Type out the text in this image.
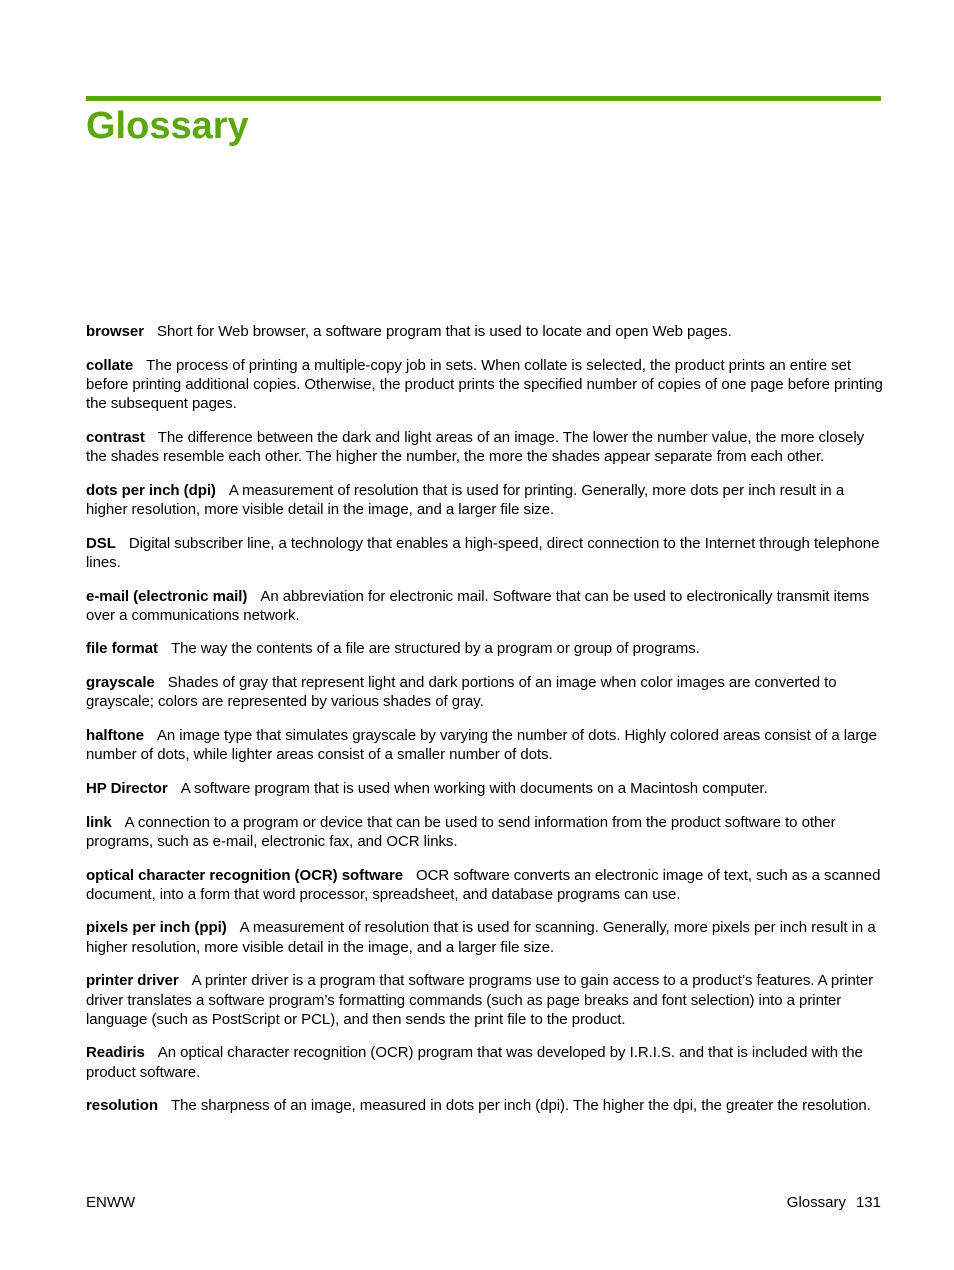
Glossary

browser Short for Web browser, a software program that is used to locate and open Web pages.

collate The process of printing a multiple-copy job in sets. When collate is selected, the product prints an entire set before printing additional copies. Otherwise, the product prints the specified number of copies of one page before printing the subsequent pages.

contrast The difference between the dark and light areas of an image. The lower the number value, the more closely the shades resemble each other. The higher the number, the more the shades appear separate from each other.

dots per inch (dpi) A measurement of resolution that is used for printing. Generally, more dots per inch result in a higher resolution, more visible detail in the image, and a larger file size.

DSL Digital subscriber line, a technology that enables a high-speed, direct connection to the Internet through telephone lines.

e-mail (electronic mail) An abbreviation for electronic mail. Software that can be used to electronically transmit items over a communications network.

file format The way the contents of a file are structured by a program or group of programs.

grayscale Shades of gray that represent light and dark portions of an image when color images are converted to grayscale; colors are represented by various shades of gray.

halftone An image type that simulates grayscale by varying the number of dots. Highly colored areas consist of a large number of dots, while lighter areas consist of a smaller number of dots.

HP Director A software program that is used when working with documents on a Macintosh computer.

link A connection to a program or device that can be used to send information from the product software to other programs, such as e-mail, electronic fax, and OCR links.

optical character recognition (OCR) software OCR software converts an electronic image of text, such as a scanned document, into a form that word processor, spreadsheet, and database programs can use.

pixels per inch (ppi) A measurement of resolution that is used for scanning. Generally, more pixels per inch result in a higher resolution, more visible detail in the image, and a larger file size.

printer driver A printer driver is a program that software programs use to gain access to a product’s features. A printer driver translates a software program’s formatting commands (such as page breaks and font selection) into a printer language (such as PostScript or PCL), and then sends the print file to the product.

Readiris An optical character recognition (OCR) program that was developed by I.R.I.S. and that is included with the product software.

resolution The sharpness of an image, measured in dots per inch (dpi). The higher the dpi, the greater the resolution.

ENWW	Glossary 131
